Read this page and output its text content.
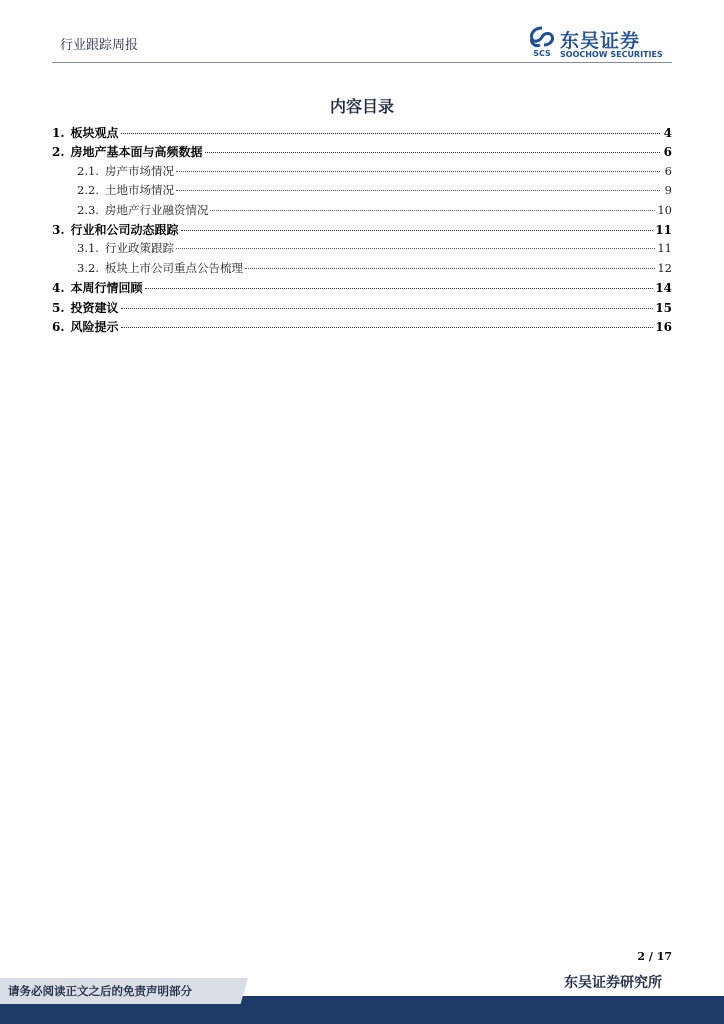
行业跟踪周报
SCS
东吴证券
SOOCHOW SECURITIES
内容目录
1. 板块观点	4
2. 房地产基本面与高频数据	6
2.1. 房产市场情况	6
2.2. 土地市场情况	9
2.3. 房地产行业融资情况	10
3. 行业和公司动态跟踪	11
3.1. 行业政策跟踪	11
3.2. 板块上市公司重点公告梳理	12
4. 本周行情回顾	14
5. 投资建议	15
6. 风险提示	16
2 / 17
东吴证券研究所
请务必阅读正文之后的免责声明部分
